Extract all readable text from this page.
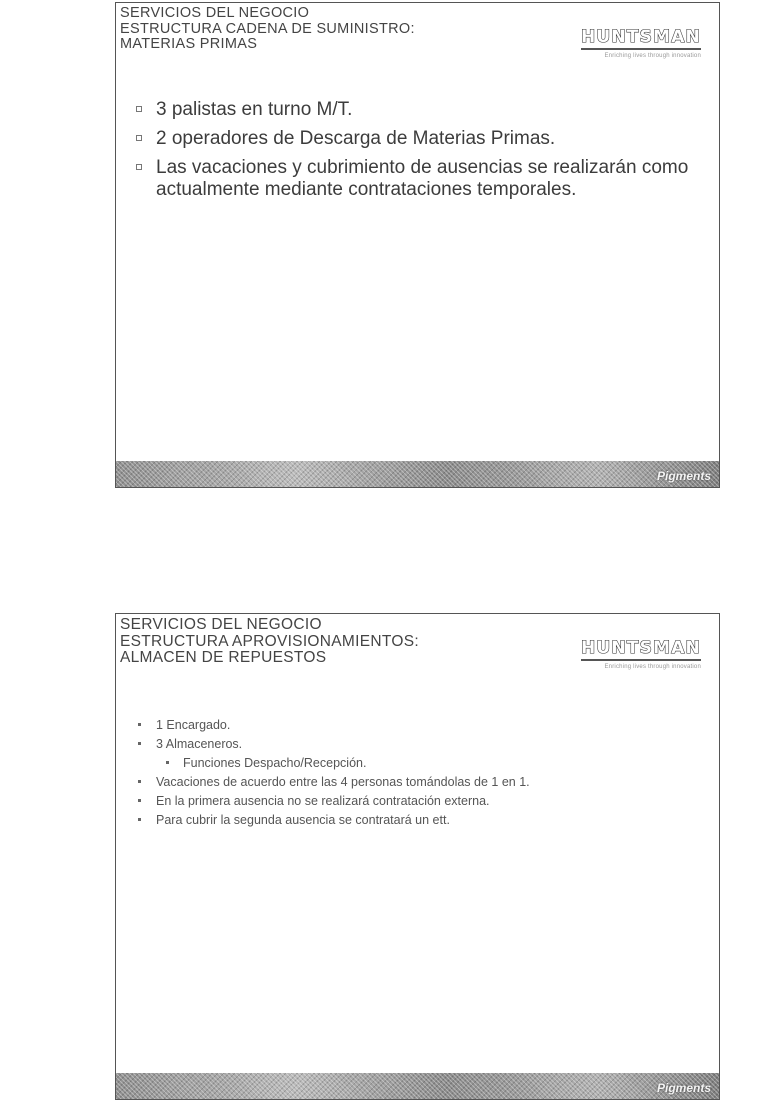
SERVICIOS DEL NEGOCIO
ESTRUCTURA CADENA DE SUMINISTRO:
MATERIAS PRIMAS	HUNTSMAN
Enriching lives through innovation
3 palistas en turno M/T.
2 operadores de Descarga de Materias Primas.
Las vacaciones y cubrimiento de ausencias se realizarán como actualmente mediante contrataciones temporales.
Pigments
SERVICIOS DEL NEGOCIO
ESTRUCTURA APROVISIONAMIENTOS:
ALMACEN DE REPUESTOS	HUNTSMAN
Enriching lives through innovation
1 Encargado.
3 Almaceneros.
Funciones Despacho/Recepción.
Vacaciones de acuerdo entre las 4 personas tomándolas de 1 en 1.
En la primera ausencia no se realizará contratación externa.
Para cubrir la segunda ausencia se contratará un ett.
Pigments
